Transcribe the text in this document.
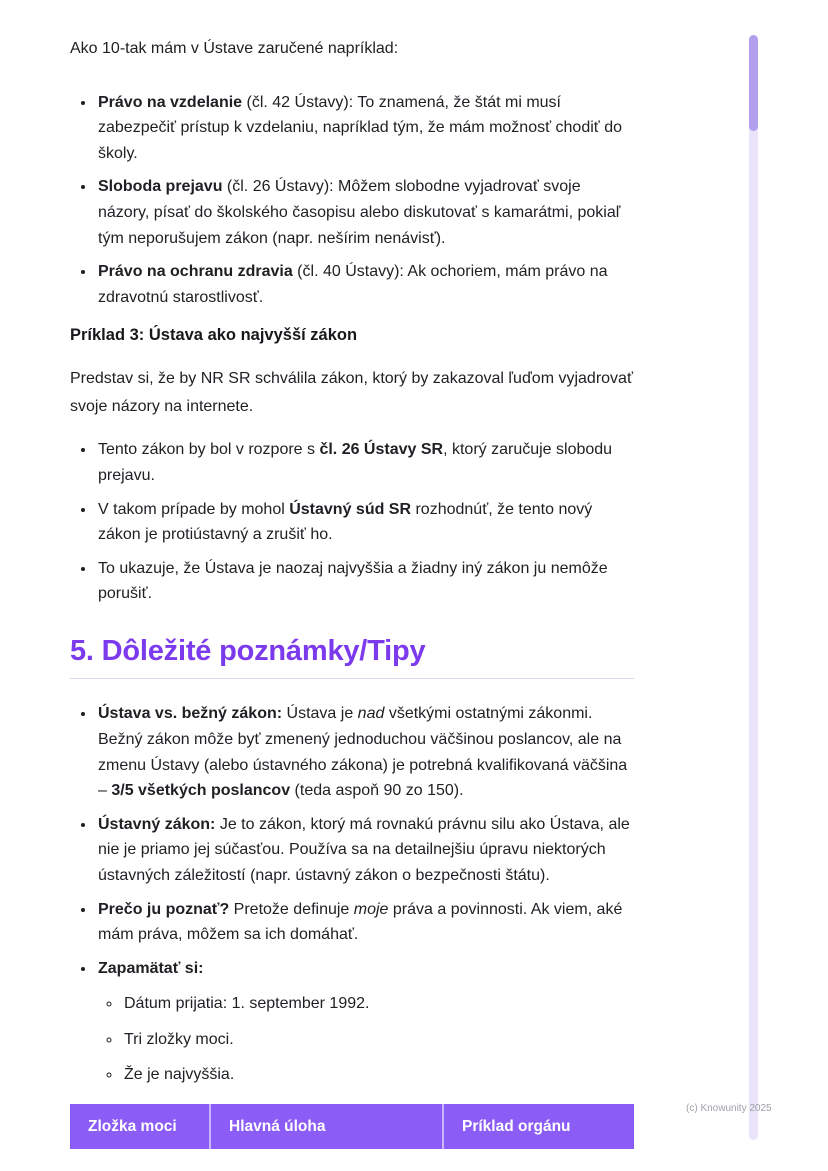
Ako 10-tak mám v Ústave zaručené napríklad:

• Právo na vzdelanie (čl. 42 Ústavy): To znamená, že štát mi musí zabezpečiť prístup k vzdelaniu, napríklad tým, že mám možnosť chodiť do školy.
• Sloboda prejavu (čl. 26 Ústavy): Môžem slobodne vyjadrovať svoje názory, písať do školského časopisu alebo diskutovať s kamarátmi, pokiaľ tým neporušujem zákon (napr. nešírim nenávisť).
• Právo na ochranu zdravia (čl. 40 Ústavy): Ak ochoriem, mám právo na zdravotnú starostlivosť.
Príklad 3: Ústava ako najvyšší zákon

Predstav si, že by NR SR schválila zákon, ktorý by zakazoval ľuďom vyjadrovať svoje názory na internete.

• Tento zákon by bol v rozpore s čl. 26 Ústavy SR, ktorý zaručuje slobodu prejavu.
• V takom prípade by mohol Ústavný súd SR rozhodnúť, že tento nový zákon je protiústavný a zrušiť ho.
• To ukazuje, že Ústava je naozaj najvyššia a žiadny iný zákon ju nemôže porušiť.
5. Dôležité poznámky/Tipy
• Ústava vs. bežný zákon: Ústava je nad všetkými ostatnými zákonmi. Bežný zákon môže byť zmenený jednoduchou väčšinou poslancov, ale na zmenu Ústavy (alebo ústavného zákona) je potrebná kvalifikovaná väčšina – 3/5 všetkých poslancov (teda aspoň 90 zo 150).
• Ústavný zákon: Je to zákon, ktorý má rovnakú právnu silu ako Ústava, ale nie je priamo jej súčasťou. Používa sa na detailnejšiu úpravu niektorých ústavných záležitostí (napr. ústavný zákon o bezpečnosti štátu).
• Prečo ju poznať? Pretože definuje moje práva a povinnosti. Ak viem, aké mám práva, môžem sa ich domáhať.
• Zapamätať si:
◦ Dátum prijatia: 1. september 1992.
◦ Tri zložky moci.
◦ Že je najvyššia.
Zložka moci	Hlavná úloha	Príklad orgánu
(c) Knowunity 2025
